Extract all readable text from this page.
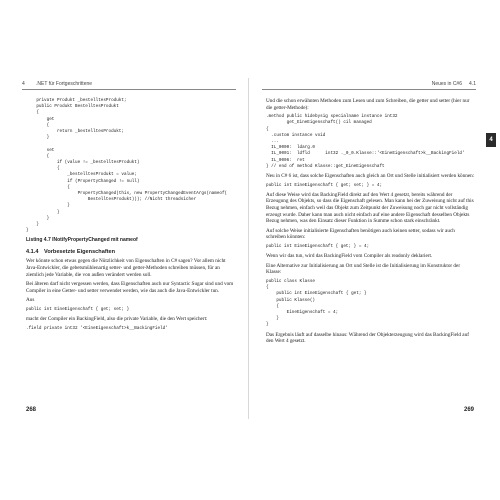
4 .NET für Fortgeschrittene
private Produkt _bestelltesProdukt;
public Produkt BestelltesProdukt
{
get
{
return _bestelltesProdukt;
}

set
{
if (value != _bestelltesProdukt)
{
_bestelltesProdukt = value;
if (PropertyChanged != null)
{
PropertyChanged(this, new PropertyChangedEventArgs(nameof(
BestelltesProdukt))); //Nicht threadsicher
}
}
}
}
}
Listing 4.7 INotifyPropertyChanged mit nameof
4.1.4 Vorbesetzte Eigenschaften

Wer könnte schon etwas gegen die Nützlichkeit von Eigenschaften in C# sagen? Vor allem nicht Java-Entwickler, die gebetsmühlenartig setter- und getter-Methoden schreiben müssen, für an ziemlich jede Variable, die von außen verändert werden soll.

Bei älteren darf nicht vergessen werden, dass Eigenschaften auch nur Syntactic Sugar sind und vom Compiler in eine Getter- und setter verwendet werden, wie das auch die Java-Entwickler tun.

Aus

public int EineEigenschaft { get; set; }

macht der Compiler ein BackingField, also die private Variable, die den Wert speichert:

.field private int32 '<EineEigenschaft>k__BackingField'
268
Neues in C#6 4.1

Und die schon erwähnten Methoden zum Lesen und zum Schreiben, die getter und setter (hier nur die getter-Methode):

.method public hidebysig specialname instance int32
get_EineEigenschaft() cil managed
{
.custom instance void
...
IL_0000:  ldarg.0
IL_0001:  ldfld      int32 ._0_0.Klasse::'<EineEigenschaft>k__BackingField'
IL_0006:  ret
} // end of method Klasse::get_EineEigenschaft

Neu in C# 6 ist, dass solche Eigenschaften auch gleich an Ort und Stelle initialisiert werden können:

public int EineEigenschaft { get; set; } = 4;

Auf diese Weise wird das BackingField direkt auf den Wert 4 gesetzt, bereits während der Erzeugung des Objekts, so dass die Eigenschaft gelesen. Man kann hei der Zuweisung nicht auf this Bezug nehmen, einfach weil das Objekt zum Zeitpunkt der Zuweisung noch gar nicht vollständig erzeugt wurde. Daher kann man auch nicht einfach auf eine andere Eigenschaft desselben Objekts Bezug nehmen, was den Einsatz dieser Funktion in Summe schon stark einschränkt.

Auf solche Weise initialisierte Eigenschaften benötigen auch keinen setter, sodass wir auch schreiben könnten:

public int EineEigenschaft { get; } = 4;

Wenn wir das tun, wird das BackingField vom Compiler als readonly deklariert.

Eine Alternative zur Initialisierung an Ort und Stelle ist die Initialisierung im Konstruktor der Klasse:

public class Klasse
{
public int EineEigenschaft { get; }
public Klasse()
{
EineEigenschaft = 4;
}
}

Das Ergebnis läuft auf dasselbe hinaus: Während der Objekterzeugung wird das BackingField auf den Wert 4 gesetzt.

269
4
